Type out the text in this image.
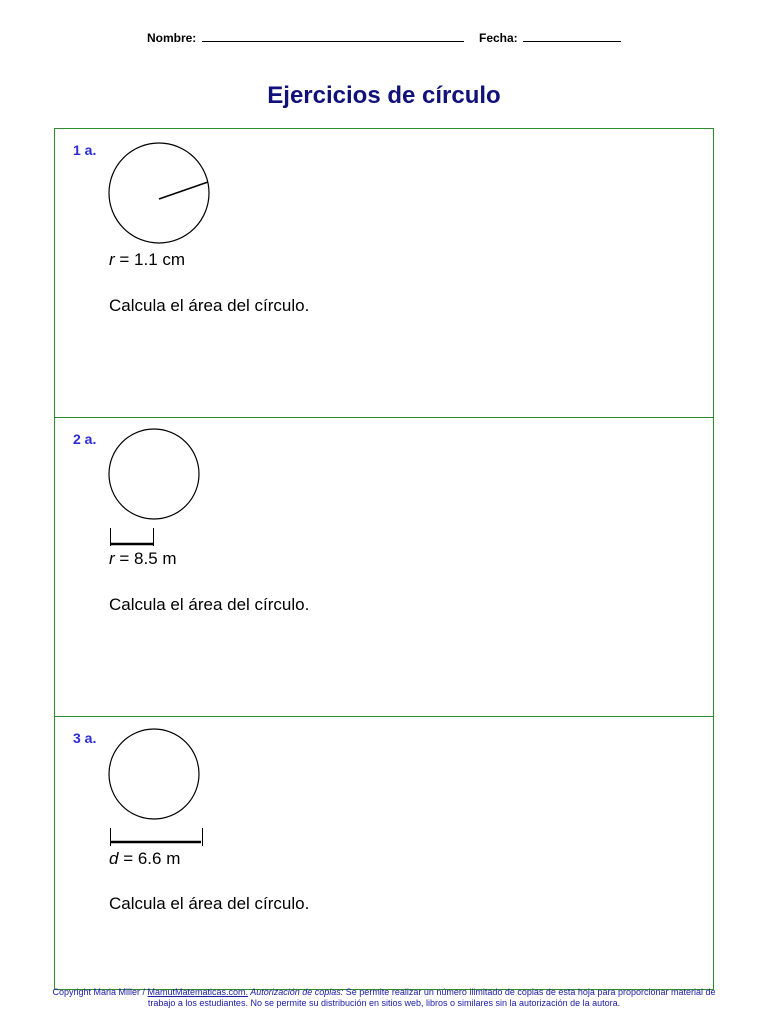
Nombre:	Fecha:
Ejercicios de círculo
1 a.
r = 1.1 cm
Calcula el área del círculo.
2 a.
r = 8.5 m
Calcula el área del círculo.
3 a.
d = 6.6 m
Calcula el área del círculo.
Copyright Maria Miller / MamutMatematicas.com. Autorización de copias: Se permite realizar un número ilimitado de copias de esta hoja para proporcionar material de trabajo a los estudiantes. No se permite su distribución en sitios web, libros o similares sin la autorización de la autora.
